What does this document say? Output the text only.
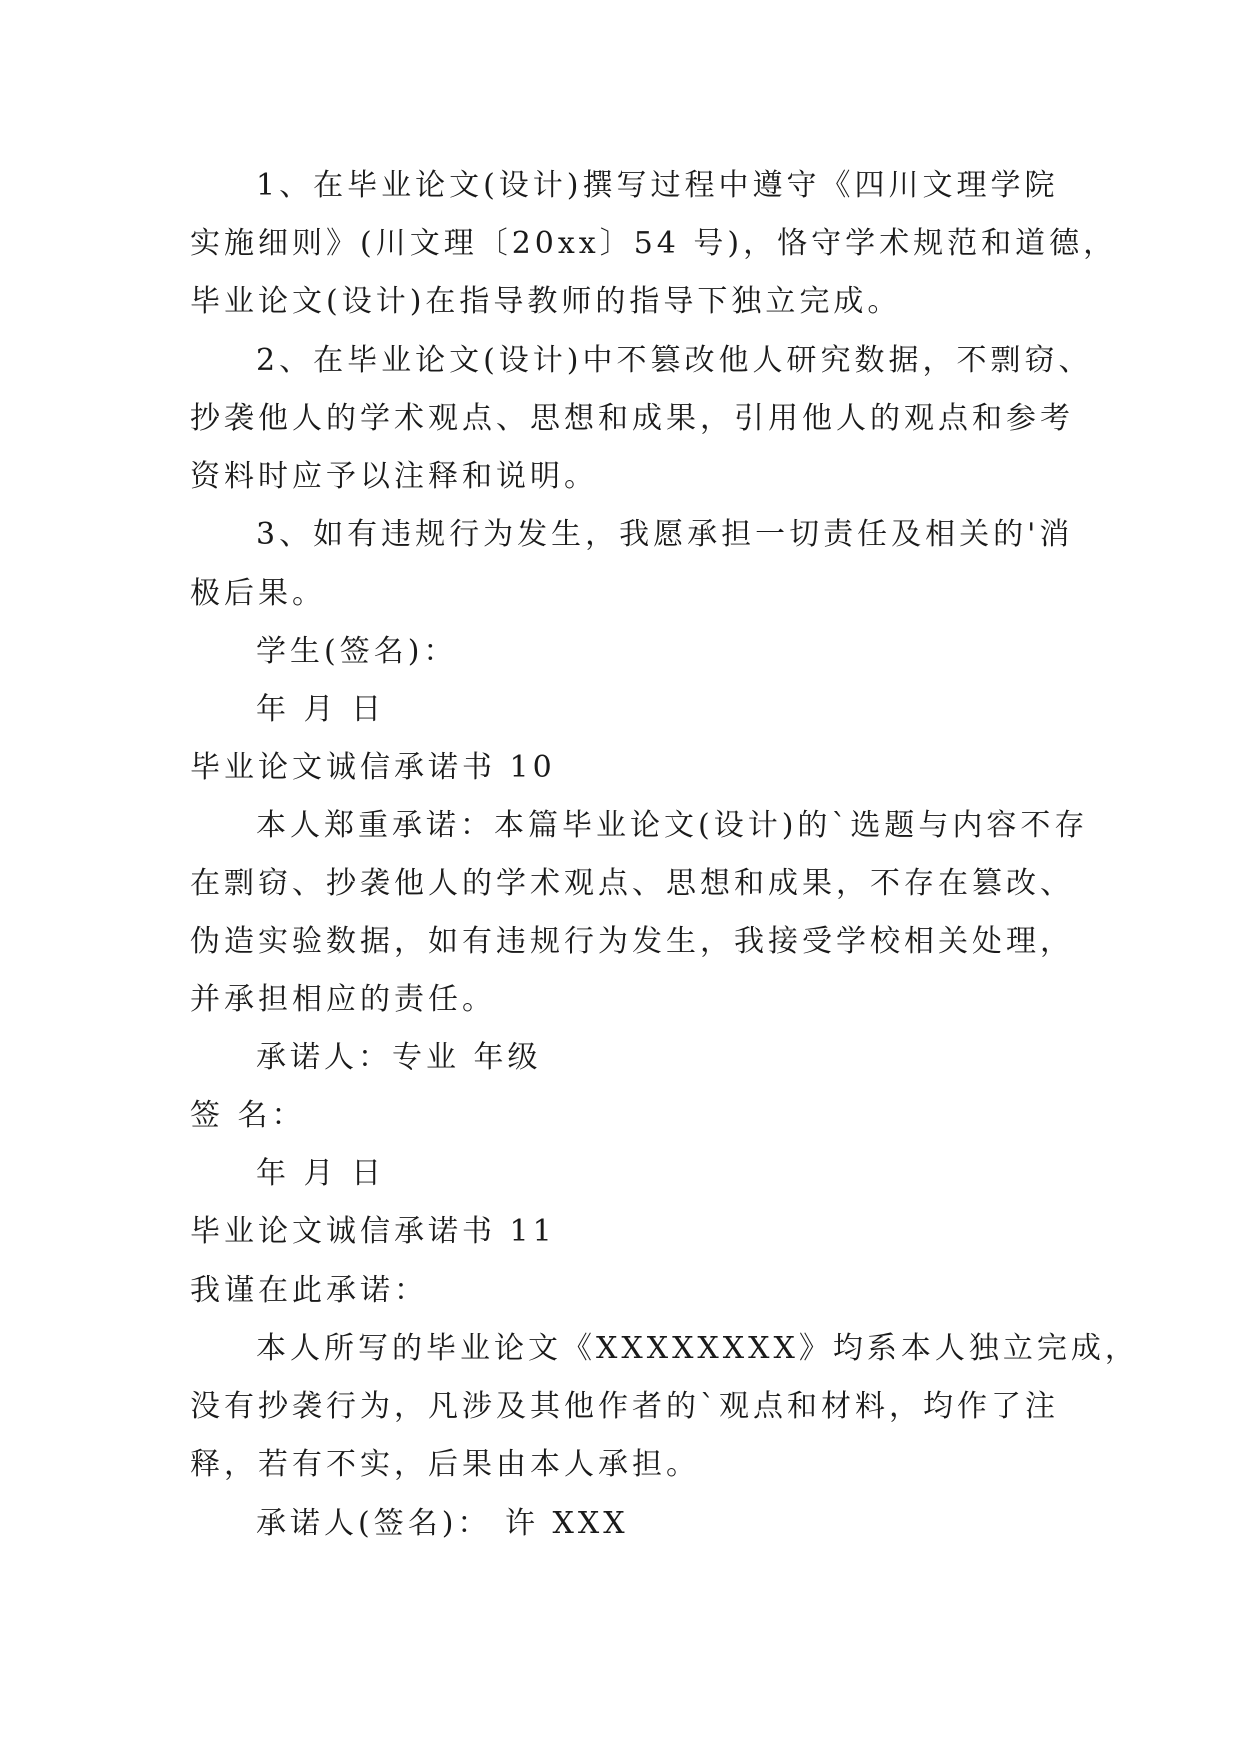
1、在毕业论文(设计)撰写过程中遵守《四川文理学院
实施细则》(川文理〔20xx〕54 号)，恪守学术规范和道德，
毕业论文(设计)在指导教师的指导下独立完成。
2、在毕业论文(设计)中不篡改他人研究数据，不剽窃、
抄袭他人的学术观点、思想和成果，引用他人的观点和参考
资料时应予以注释和说明。
3、如有违规行为发生，我愿承担一切责任及相关的'消
极后果。
学生(签名)：
年 月 日
毕业论文诚信承诺书 10
本人郑重承诺：本篇毕业论文(设计)的`选题与内容不存
在剽窃、抄袭他人的学术观点、思想和成果，不存在篡改、
伪造实验数据，如有违规行为发生，我接受学校相关处理，
并承担相应的责任。
承诺人：专业 年级
签 名：
年 月 日
毕业论文诚信承诺书 11
我谨在此承诺：
本人所写的毕业论文《XXXXXXXX》均系本人独立完成，
没有抄袭行为，凡涉及其他作者的`观点和材料，均作了注
释，若有不实，后果由本人承担。
承诺人(签名)： 许 XXX
